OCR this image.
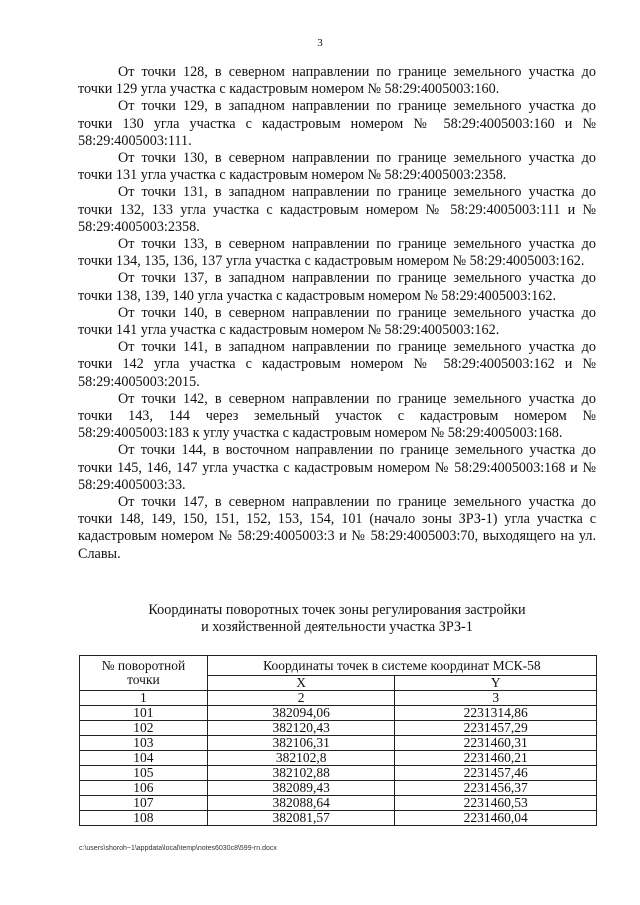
3

От точки 128, в северном направлении по границе земельного участка до точки 129 угла участка с кадастровым номером № 58:29:4005003:160.

От точки 129, в западном направлении по границе земельного участка до точки 130 угла участка с кадастровым номером № 58:29:4005003:160 и № 58:29:4005003:111.

От точки 130, в северном направлении по границе земельного участка до точки 131 угла участка с кадастровым номером № 58:29:4005003:2358.

От точки 131, в западном направлении по границе земельного участка до точки 132, 133 угла участка с кадастровым номером № 58:29:4005003:111 и № 58:29:4005003:2358.

От точки 133, в северном направлении по границе земельного участка до точки 134, 135, 136, 137 угла участка с кадастровым номером № 58:29:4005003:162.

От точки 137, в западном направлении по границе земельного участка до точки 138, 139, 140 угла участка с кадастровым номером № 58:29:4005003:162.

От точки 140, в северном направлении по границе земельного участка до точки 141 угла участка с кадастровым номером № 58:29:4005003:162.

От точки 141, в западном направлении по границе земельного участка до точки 142 угла участка с кадастровым номером № 58:29:4005003:162 и № 58:29:4005003:2015.

От точки 142, в северном направлении по границе земельного участка до точки 143, 144 через земельный участок с кадастровым номером № 58:29:4005003:183 к углу участка с кадастровым номером № 58:29:4005003:168.

От точки 144, в восточном направлении по границе земельного участка до точки 145, 146, 147 угла участка с кадастровым номером № 58:29:4005003:168 и № 58:29:4005003:33.

От точки 147, в северном направлении по границе земельного участка до точки 148, 149, 150, 151, 152, 153, 154, 101 (начало зоны ЗРЗ-1) угла участка с кадастровым номером № 58:29:4005003:3 и № 58:29:4005003:70, выходящего на ул. Славы.

Координаты поворотных точек зоны регулирования застройки
и хозяйственной деятельности участка ЗРЗ-1
№ поворотной точки	Координаты точек в системе координат МСК-58	
	X	Y
1	2	3
101	382094,06	2231314,86
102	382120,43	2231457,29
103	382106,31	2231460,31
104	382102,8	2231460,21
105	382102,88	2231457,46
106	382089,43	2231456,37
107	382088,64	2231460,53
108	382081,57	2231460,04
c:\users\shoroh~1\appdata\local\temp\notes6030c8\599-rn.docx
